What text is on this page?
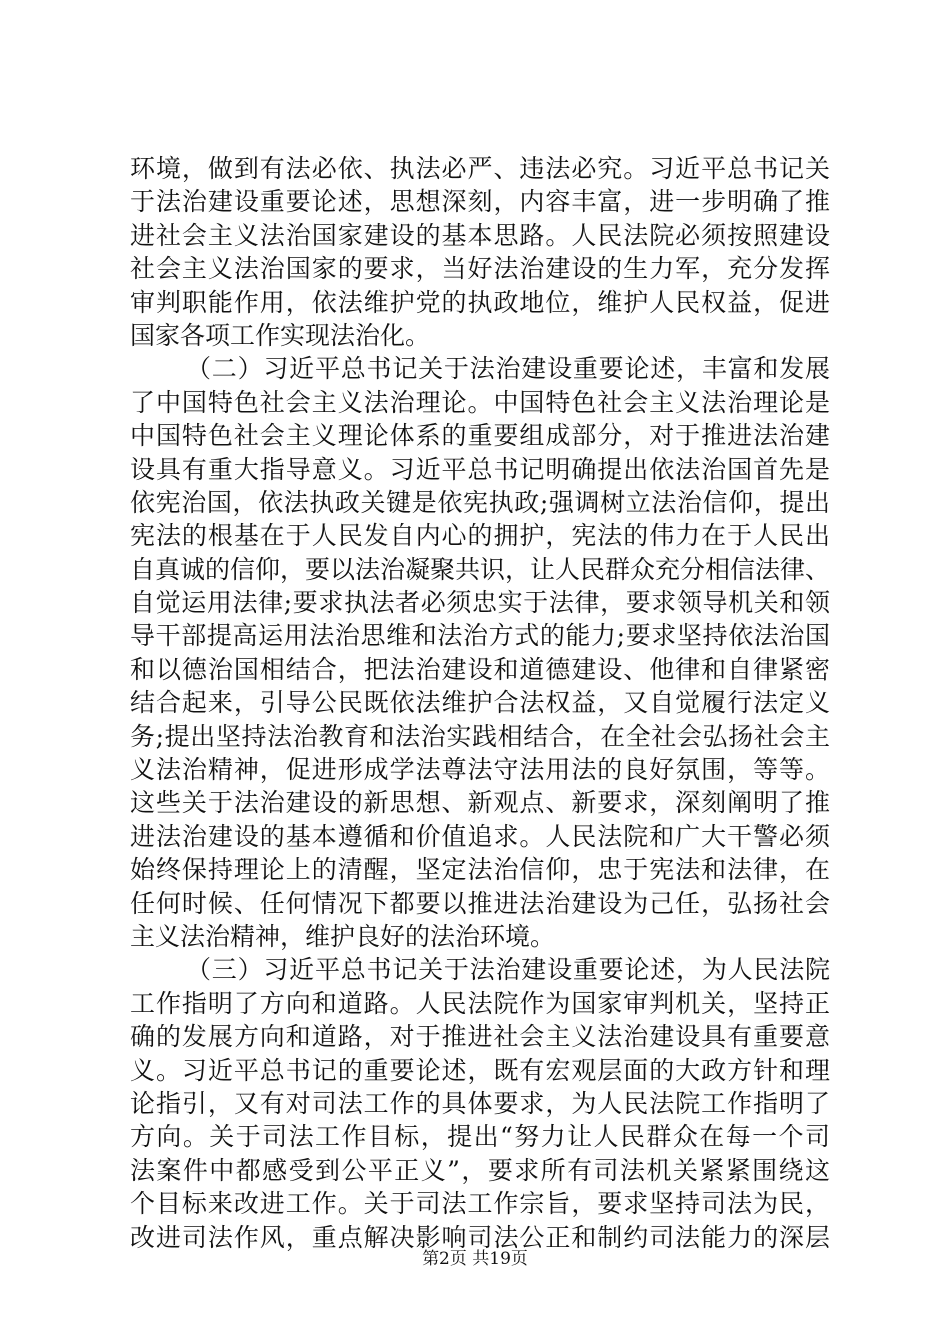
环境，做到有法必依、执法必严、违法必究。习近平总书记关
于法治建设重要论述，思想深刻，内容丰富，进一步明确了推
进社会主义法治国家建设的基本思路。人民法院必须按照建设
社会主义法治国家的要求，当好法治建设的生力军，充分发挥
审判职能作用，依法维护党的执政地位，维护人民权益，促进
国家各项工作实现法治化。
（二）习近平总书记关于法治建设重要论述，丰富和发展
了中国特色社会主义法治理论。中国特色社会主义法治理论是
中国特色社会主义理论体系的重要组成部分，对于推进法治建
设具有重大指导意义。习近平总书记明确提出依法治国首先是
依宪治国，依法执政关键是依宪执政;强调树立法治信仰，提出
宪法的根基在于人民发自内心的拥护，宪法的伟力在于人民出
自真诚的信仰，要以法治凝聚共识，让人民群众充分相信法律、
自觉运用法律;要求执法者必须忠实于法律，要求领导机关和领
导干部提高运用法治思维和法治方式的能力;要求坚持依法治国
和以德治国相结合，把法治建设和道德建设、他律和自律紧密
结合起来，引导公民既依法维护合法权益，又自觉履行法定义
务;提出坚持法治教育和法治实践相结合，在全社会弘扬社会主
义法治精神，促进形成学法尊法守法用法的良好氛围，等等。
这些关于法治建设的新思想、新观点、新要求，深刻阐明了推
进法治建设的基本遵循和价值追求。人民法院和广大干警必须
始终保持理论上的清醒，坚定法治信仰，忠于宪法和法律，在
任何时候、任何情况下都要以推进法治建设为己任，弘扬社会
主义法治精神，维护良好的法治环境。
（三）习近平总书记关于法治建设重要论述，为人民法院
工作指明了方向和道路。人民法院作为国家审判机关，坚持正
确的发展方向和道路，对于推进社会主义法治建设具有重要意
义。习近平总书记的重要论述，既有宏观层面的大政方针和理
论指引，又有对司法工作的具体要求，为人民法院工作指明了
方向。关于司法工作目标，提出“努力让人民群众在每一个司
法案件中都感受到公平正义”，要求所有司法机关紧紧围绕这
个目标来改进工作。关于司法工作宗旨，要求坚持司法为民，
改进司法作风，重点解决影响司法公正和制约司法能力的深层
第2页 共19页
